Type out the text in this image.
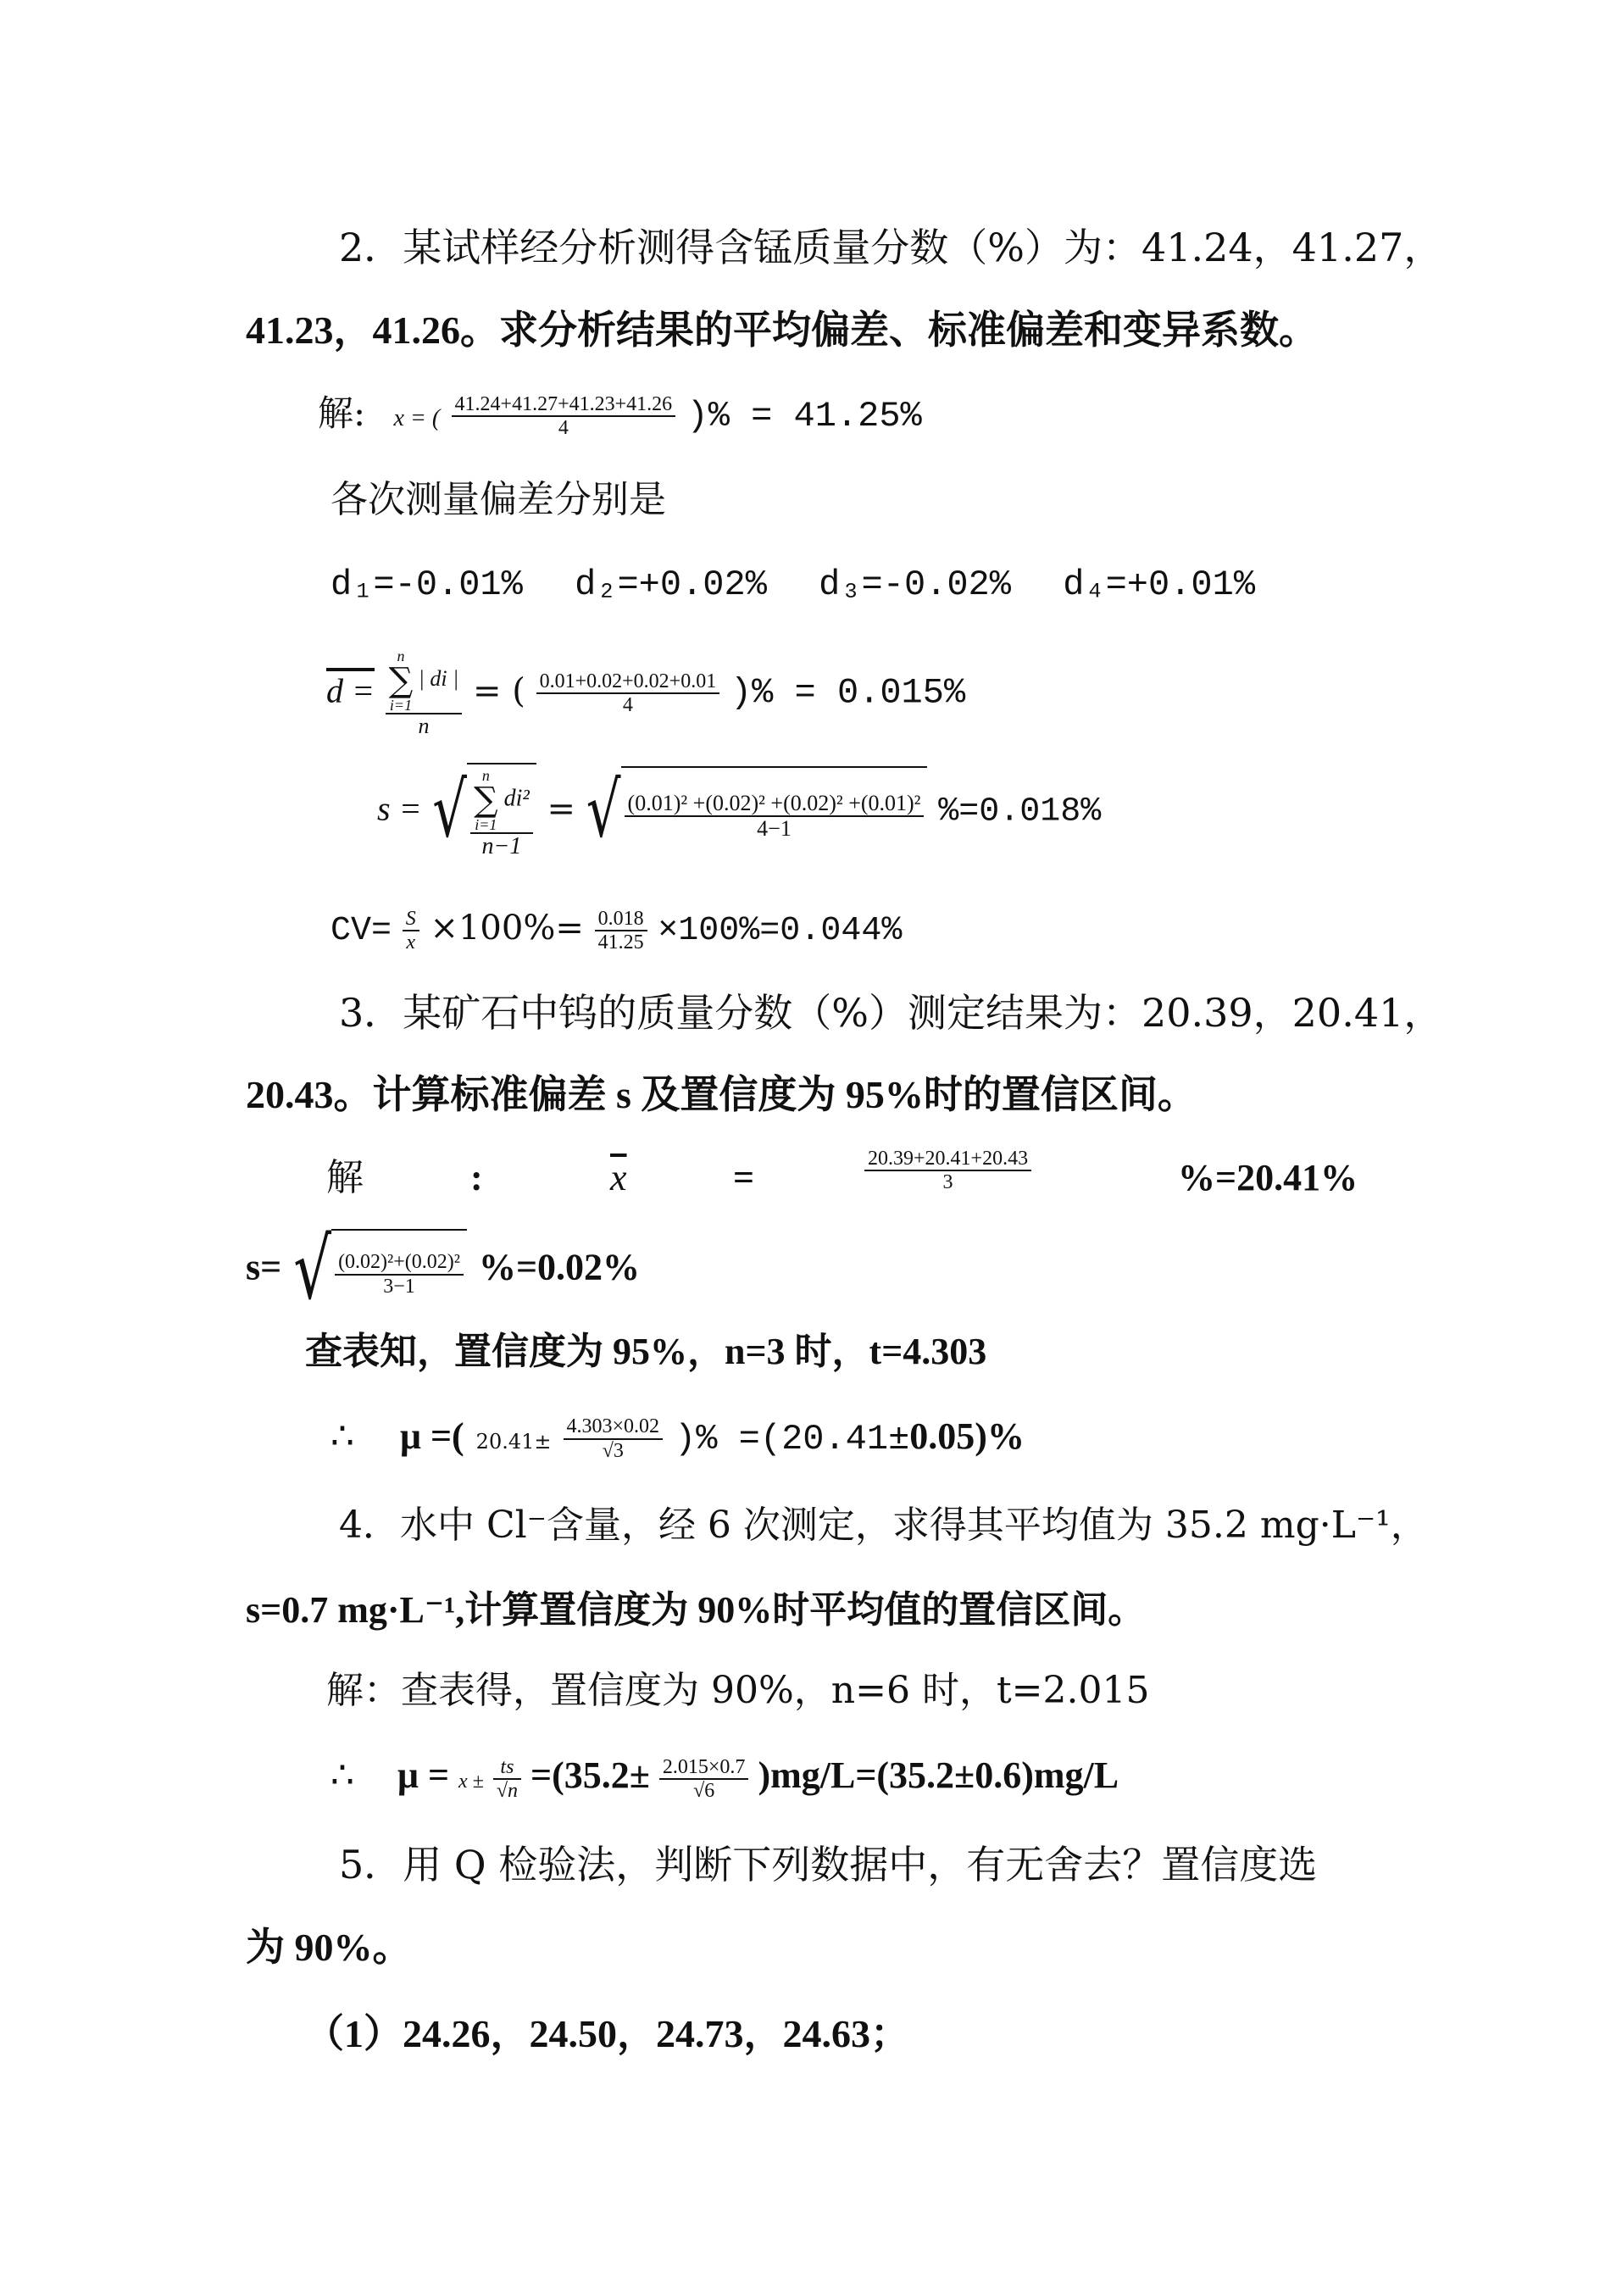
2．某试样经分析测得含锰质量分数（%）为：41.24，41.27，
41.23，41.26。求分析结果的平均偏差、标准偏差和变异系数。
解: x = ( $\frac{41.24+41.27+41.23+41.26}{4}$ )% = 41.25%
各次测量偏差分别是
d₁=-0.01% d₂=+0.02% d₃=-0.02% d₄=+0.01%
d = n
∑
i=1
| di |
n = ( $\frac{0.01+0.02+0.02+0.01}{4}$ )% = 0.015%
s = √ n
∑
i=1
di²
n−1
= √ $\frac{\text{(0.01)² +(0.02)² +(0.02)² +(0.01)²}}{4-1} \%=0.018\%$
$CV= \frac{S}{x} \times 100\%= \frac{0.018}{41.25} \times 100\%=0.044\%$
3．某矿石中钨的质量分数（%）测定结果为：20.39，20.41，
20.43。计算标准偏差 s 及置信度为 95%时的置信区间。
解	:	$\overline{x}$	=	$\frac{20.39+20.41+20.43}{3}$	%=20.41%
s= √ $\frac{\text{(0.02)²+(0.02)²}}{3-1} \%=0.02\%$
查表知，置信度为 95%，n=3 时，t=4.303
∴ μ =( $20.41\pm \frac{4.303\times 0.02}{√3}$ )% =(20.41±0.05)%
4．水中 Cl⁻含量，经 6 次测定，求得其平均值为 35.2 mg·L⁻¹，
s=0.7 mg·L⁻¹,计算置信度为 90%时平均值的置信区间。
解：查表得，置信度为 90%，n=6 时，t=2.015
∴ $\mu = x \pm \frac{ts}{√n} =(35.2\pm \frac{2.015\times 0.7}{√6} )mg/L=(35.2\pm 0.6)mg/L$
5．用 Q 检验法，判断下列数据中，有无舍去？置信度选
为 90%。
（1）24.26，24.50，24.73，24.63；
